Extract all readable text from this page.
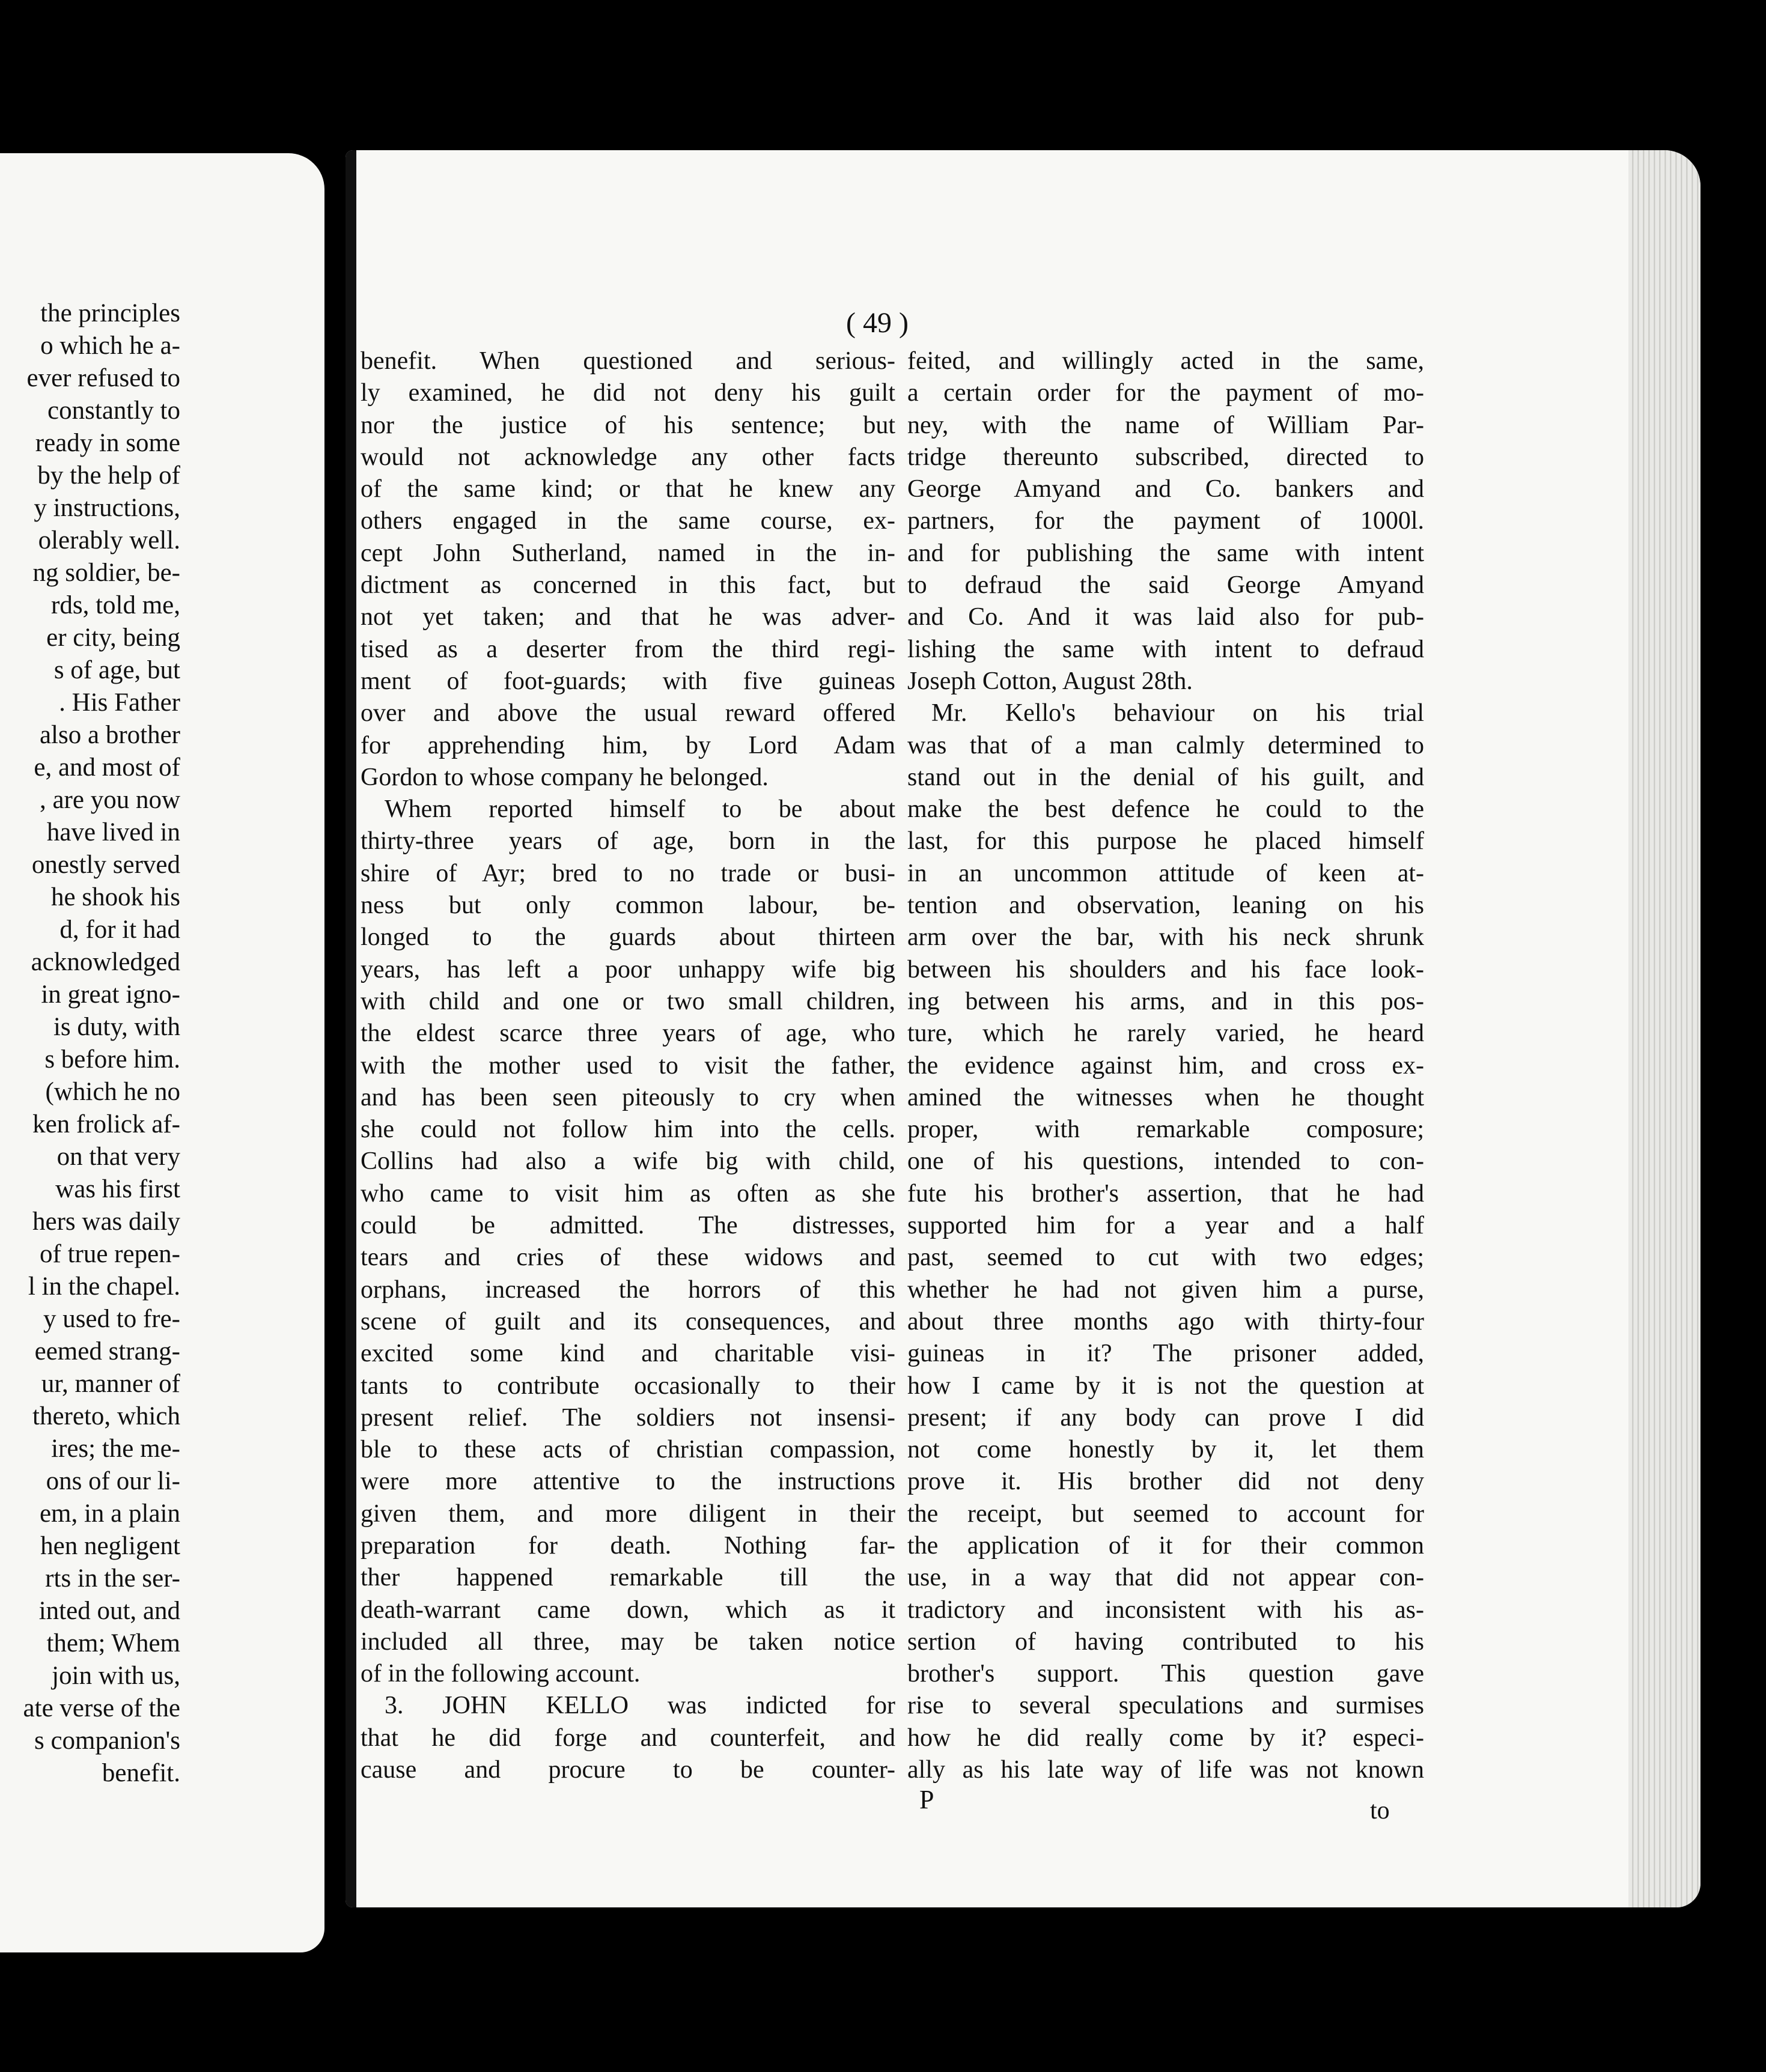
the principles
o which he a-
ever refused to
constantly to
ready in some
by the help of
y instructions,
olerably well.
ng soldier, be-
rds, told me,
er city, being
s of age, but
. His Father
also a brother
e, and most of
, are you now
have lived in
onestly served
he shook his
d, for it had
acknowledged
in great igno-
is duty, with
s before him.
(which he no
ken frolick af-
on that very
was his first
hers was daily
of true repen-
l in the chapel.
y used to fre-
eemed strang-
ur, manner of
thereto, which
ires; the me-
ons of our li-
em, in a plain
hen negligent
rts in the ser-
inted out, and
them; Whem
join with us,
ate verse of the
s companion's
benefit.
( 49 )
benefit. When questioned and serious-
ly examined, he did not deny his guilt
nor the justice of his sentence; but
would not acknowledge any other facts
of the same kind; or that he knew any
others engaged in the same course, ex-
cept John Sutherland, named in the in-
dictment as concerned in this fact, but
not yet taken; and that he was adver-
tised as a deserter from the third regi-
ment of foot-guards; with five guineas
over and above the usual reward offered
for apprehending him, by Lord Adam
Gordon to whose company he belonged.
Whem reported himself to be about
thirty-three years of age, born in the
shire of Ayr; bred to no trade or busi-
ness but only common labour, be-
longed to the guards about thirteen
years, has left a poor unhappy wife big
with child and one or two small children,
the eldest scarce three years of age, who
with the mother used to visit the father,
and has been seen piteously to cry when
she could not follow him into the cells.
Collins had also a wife big with child,
who came to visit him as often as she
could be admitted. The distresses,
tears and cries of these widows and
orphans, increased the horrors of this
scene of guilt and its consequences, and
excited some kind and charitable visi-
tants to contribute occasionally to their
present relief. The soldiers not insensi-
ble to these acts of christian compassion,
were more attentive to the instructions
given them, and more diligent in their
preparation for death. Nothing far-
ther happened remarkable till the
death-warrant came down, which as it
included all three, may be taken notice
of in the following account.
3. JOHN KELLO was indicted for
that he did forge and counterfeit, and
cause and procure to be counter-
feited, and willingly acted in the same,
a certain order for the payment of mo-
ney, with the name of William Par-
tridge thereunto subscribed, directed to
George Amyand and Co. bankers and
partners, for the payment of 1000l.
and for publishing the same with intent
to defraud the said George Amyand
and Co. And it was laid also for pub-
lishing the same with intent to defraud
Joseph Cotton, August 28th.
Mr. Kello's behaviour on his trial
was that of a man calmly determined to
stand out in the denial of his guilt, and
make the best defence he could to the
last, for this purpose he placed himself
in an uncommon attitude of keen at-
tention and observation, leaning on his
arm over the bar, with his neck shrunk
between his shoulders and his face look-
ing between his arms, and in this pos-
ture, which he rarely varied, he heard
the evidence against him, and cross ex-
amined the witnesses when he thought
proper, with remarkable composure;
one of his questions, intended to con-
fute his brother's assertion, that he had
supported him for a year and a half
past, seemed to cut with two edges;
whether he had not given him a purse,
about three months ago with thirty-four
guineas in it? The prisoner added,
how I came by it is not the question at
present; if any body can prove I did
not come honestly by it, let them
prove it. His brother did not deny
the receipt, but seemed to account for
the application of it for their common
use, in a way that did not appear con-
tradictory and inconsistent with his as-
sertion of having contributed to his
brother's support. This question gave
rise to several speculations and surmises
how he did really come by it? especi-
ally as his late way of life was not known
P	to
